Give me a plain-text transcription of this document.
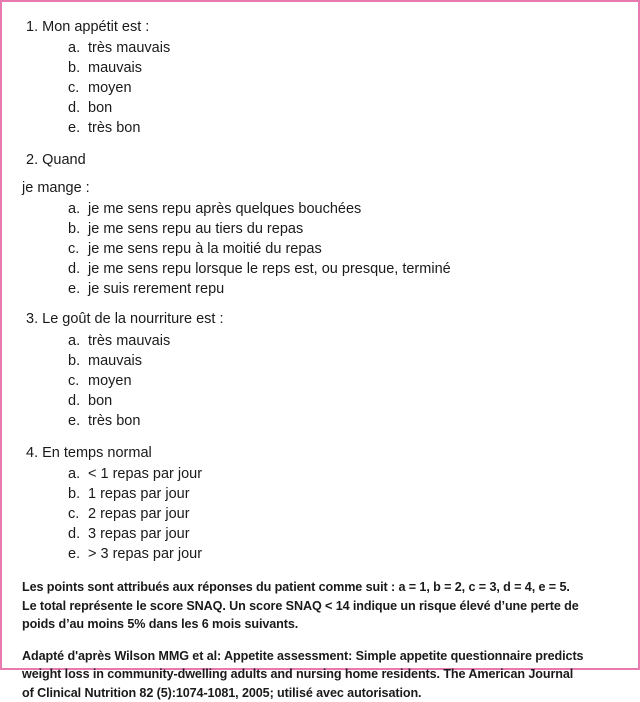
1. Mon appétit est :
a. très mauvais
b. mauvais
c. moyen
d. bon
e. très bon
2. Quand
je mange :
a. je me sens repu après quelques bouchées
b. je me sens repu au tiers du repas
c. je me sens repu à la moitié du repas
d. je me sens repu lorsque le reps est, ou presque, terminé
e. je suis rerement repu
3. Le goût de la nourriture est :
a. très mauvais
b. mauvais
c. moyen
d. bon
e. très bon
4. En temps normal
a. < 1 repas par jour
b. 1 repas par jour
c. 2 repas par jour
d. 3 repas par jour
e. > 3 repas par jour

Les points sont attribués aux réponses du patient comme suit : a = 1, b = 2, c = 3, d = 4, e = 5.

Le total représente le score SNAQ. Un score SNAQ < 14 indique un risque élevé d’une perte de

poids d’au moins 5% dans les 6 mois suivants.

Adapté d'après Wilson MMG et al: Appetite assessment: Simple appetite questionnaire predicts

weight loss in community-dwelling adults and nursing home residents. The American Journal

of Clinical Nutrition 82 (5):1074-1081, 2005; utilisé avec autorisation.
